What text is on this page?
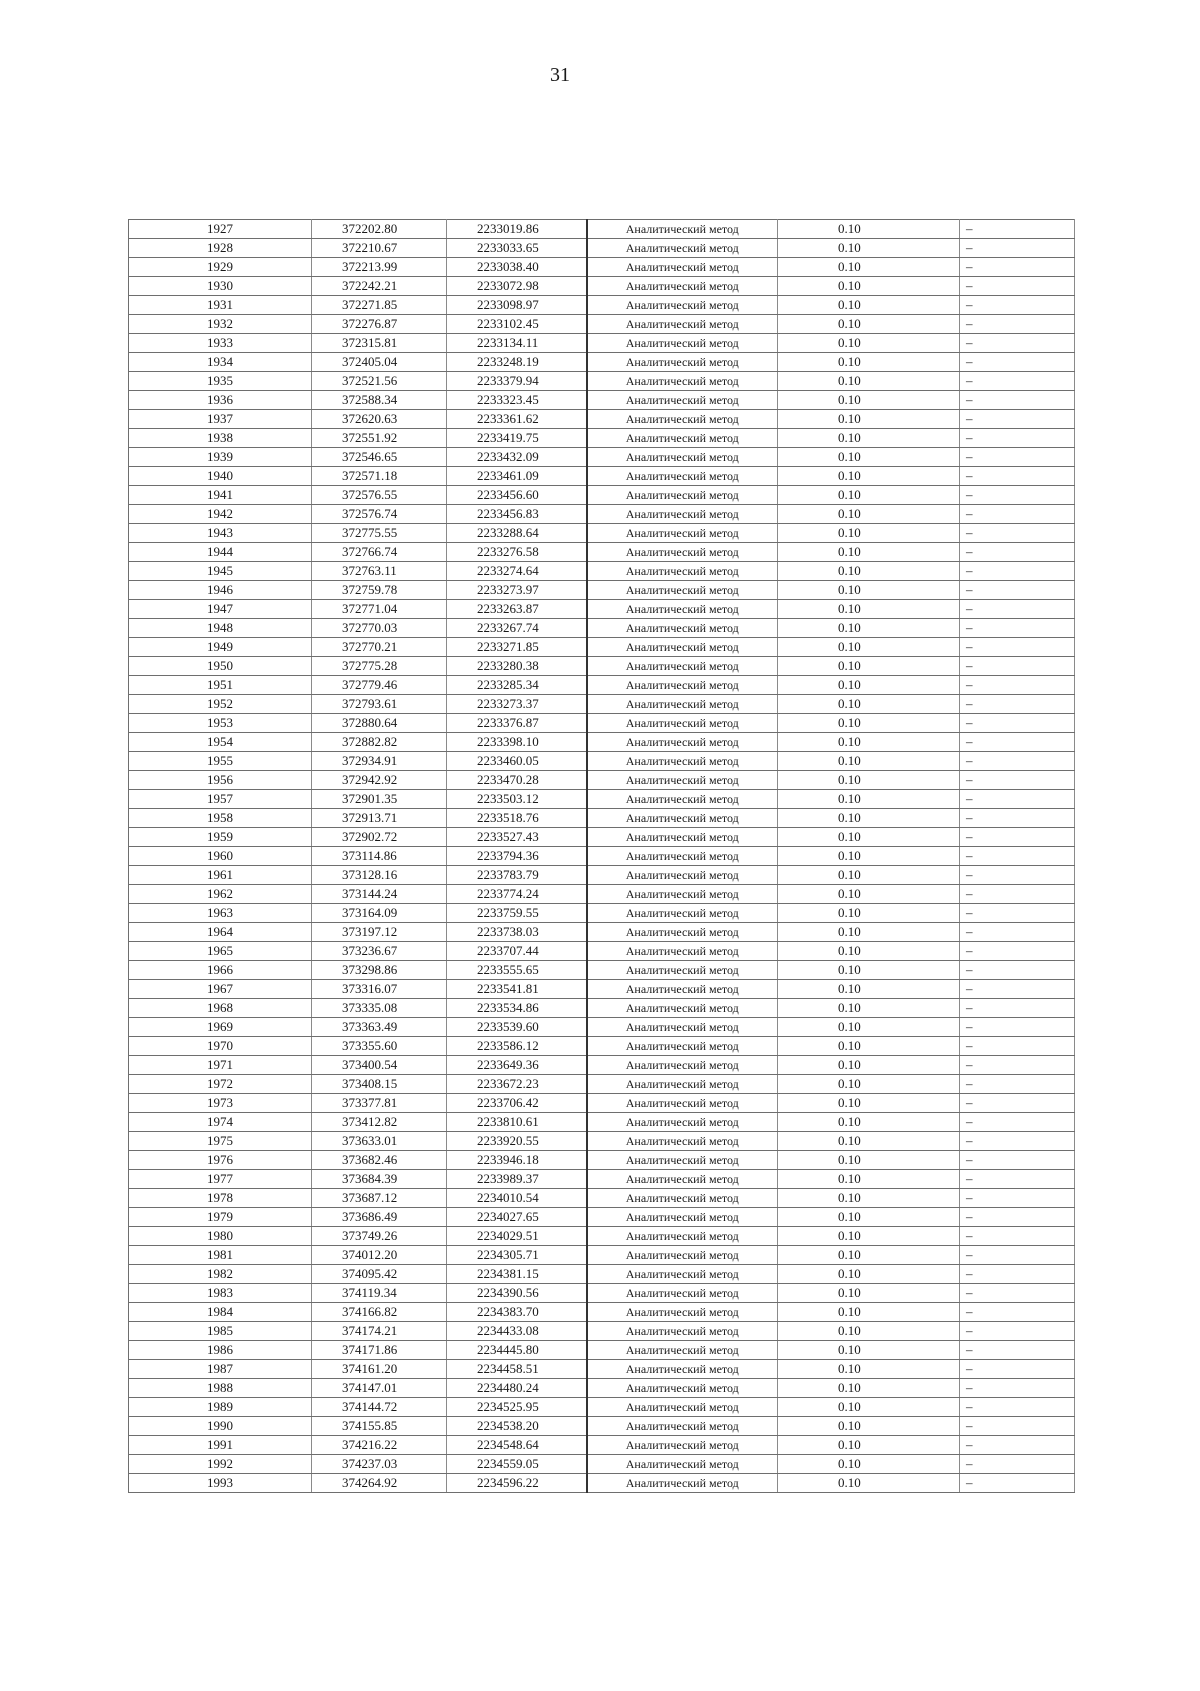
31
1927	372202.80	2233019.86	Аналитический метод	0.10	–
1928	372210.67	2233033.65	Аналитический метод	0.10	–
1929	372213.99	2233038.40	Аналитический метод	0.10	–
1930	372242.21	2233072.98	Аналитический метод	0.10	–
1931	372271.85	2233098.97	Аналитический метод	0.10	–
1932	372276.87	2233102.45	Аналитический метод	0.10	–
1933	372315.81	2233134.11	Аналитический метод	0.10	–
1934	372405.04	2233248.19	Аналитический метод	0.10	–
1935	372521.56	2233379.94	Аналитический метод	0.10	–
1936	372588.34	2233323.45	Аналитический метод	0.10	–
1937	372620.63	2233361.62	Аналитический метод	0.10	–
1938	372551.92	2233419.75	Аналитический метод	0.10	–
1939	372546.65	2233432.09	Аналитический метод	0.10	–
1940	372571.18	2233461.09	Аналитический метод	0.10	–
1941	372576.55	2233456.60	Аналитический метод	0.10	–
1942	372576.74	2233456.83	Аналитический метод	0.10	–
1943	372775.55	2233288.64	Аналитический метод	0.10	–
1944	372766.74	2233276.58	Аналитический метод	0.10	–
1945	372763.11	2233274.64	Аналитический метод	0.10	–
1946	372759.78	2233273.97	Аналитический метод	0.10	–
1947	372771.04	2233263.87	Аналитический метод	0.10	–
1948	372770.03	2233267.74	Аналитический метод	0.10	–
1949	372770.21	2233271.85	Аналитический метод	0.10	–
1950	372775.28	2233280.38	Аналитический метод	0.10	–
1951	372779.46	2233285.34	Аналитический метод	0.10	–
1952	372793.61	2233273.37	Аналитический метод	0.10	–
1953	372880.64	2233376.87	Аналитический метод	0.10	–
1954	372882.82	2233398.10	Аналитический метод	0.10	–
1955	372934.91	2233460.05	Аналитический метод	0.10	–
1956	372942.92	2233470.28	Аналитический метод	0.10	–
1957	372901.35	2233503.12	Аналитический метод	0.10	–
1958	372913.71	2233518.76	Аналитический метод	0.10	–
1959	372902.72	2233527.43	Аналитический метод	0.10	–
1960	373114.86	2233794.36	Аналитический метод	0.10	–
1961	373128.16	2233783.79	Аналитический метод	0.10	–
1962	373144.24	2233774.24	Аналитический метод	0.10	–
1963	373164.09	2233759.55	Аналитический метод	0.10	–
1964	373197.12	2233738.03	Аналитический метод	0.10	–
1965	373236.67	2233707.44	Аналитический метод	0.10	–
1966	373298.86	2233555.65	Аналитический метод	0.10	–
1967	373316.07	2233541.81	Аналитический метод	0.10	–
1968	373335.08	2233534.86	Аналитический метод	0.10	–
1969	373363.49	2233539.60	Аналитический метод	0.10	–
1970	373355.60	2233586.12	Аналитический метод	0.10	–
1971	373400.54	2233649.36	Аналитический метод	0.10	–
1972	373408.15	2233672.23	Аналитический метод	0.10	–
1973	373377.81	2233706.42	Аналитический метод	0.10	–
1974	373412.82	2233810.61	Аналитический метод	0.10	–
1975	373633.01	2233920.55	Аналитический метод	0.10	–
1976	373682.46	2233946.18	Аналитический метод	0.10	–
1977	373684.39	2233989.37	Аналитический метод	0.10	–
1978	373687.12	2234010.54	Аналитический метод	0.10	–
1979	373686.49	2234027.65	Аналитический метод	0.10	–
1980	373749.26	2234029.51	Аналитический метод	0.10	–
1981	374012.20	2234305.71	Аналитический метод	0.10	–
1982	374095.42	2234381.15	Аналитический метод	0.10	–
1983	374119.34	2234390.56	Аналитический метод	0.10	–
1984	374166.82	2234383.70	Аналитический метод	0.10	–
1985	374174.21	2234433.08	Аналитический метод	0.10	–
1986	374171.86	2234445.80	Аналитический метод	0.10	–
1987	374161.20	2234458.51	Аналитический метод	0.10	–
1988	374147.01	2234480.24	Аналитический метод	0.10	–
1989	374144.72	2234525.95	Аналитический метод	0.10	–
1990	374155.85	2234538.20	Аналитический метод	0.10	–
1991	374216.22	2234548.64	Аналитический метод	0.10	–
1992	374237.03	2234559.05	Аналитический метод	0.10	–
1993	374264.92	2234596.22	Аналитический метод	0.10	–
